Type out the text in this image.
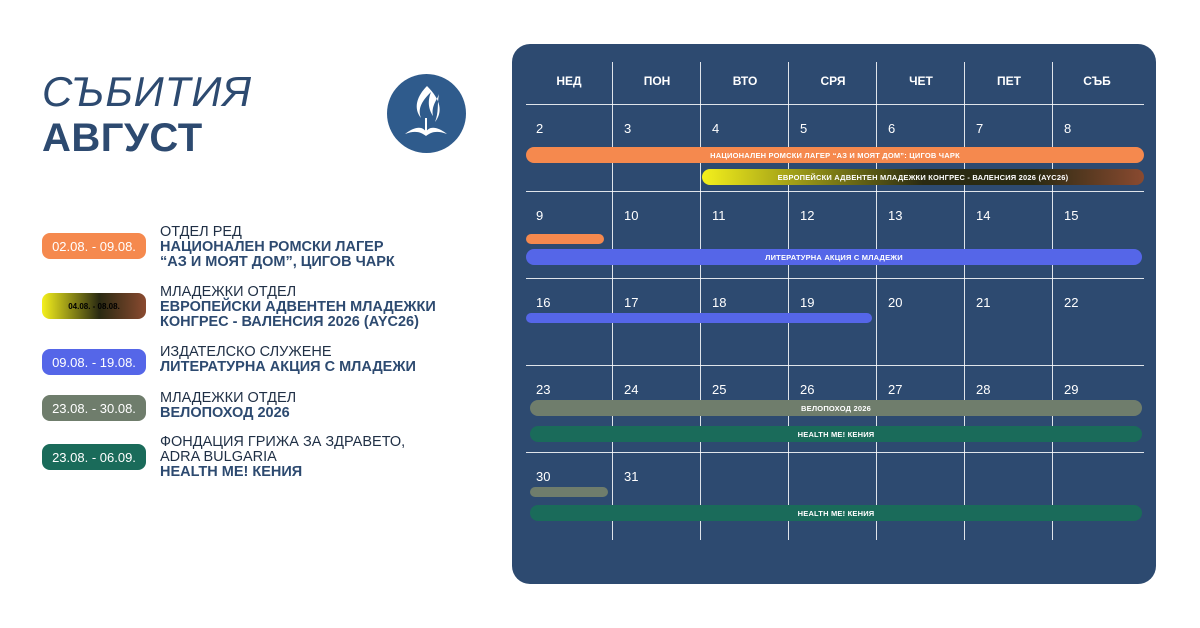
СЪБИТИЯ
АВГУСТ
02.08. - 09.08.
ОТДЕЛ РЕД
НАЦИОНАЛЕН РОМСКИ ЛАГЕР
“АЗ И МОЯТ ДОМ”, ЦИГОВ ЧАРК
04.08. - 08.08.
МЛАДЕЖКИ ОТДЕЛ
ЕВРОПЕЙСКИ АДВЕНТЕН МЛАДЕЖКИ
КОНГРЕС - ВАЛЕНСИЯ 2026 (AYC26)
09.08. - 19.08.
ИЗДАТЕЛСКО СЛУЖЕНЕ
ЛИТЕРАТУРНА АКЦИЯ С МЛАДЕЖИ
23.08. - 30.08.
МЛАДЕЖКИ ОТДЕЛ
ВЕЛОПОХОД 2026
23.08. - 06.09.
ФОНДАЦИЯ ГРИЖА ЗА ЗДРАВЕТО,
ADRA BULGARIA
HEALTH ME! КЕНИЯ
НЕД	ПОН	ВТО	СРЯ	ЧЕТ	ПЕТ	СЪБ
2	3	4	5	6	7	8
9	10	11	12	13	14	15
16	17	18	19	20	21	22
23	24	25	26	27	28	29
30	31
НАЦИОНАЛЕН РОМСКИ ЛАГЕР “АЗ И МОЯТ ДОМ”: ЦИГОВ ЧАРК
ЕВРОПЕЙСКИ АДВЕНТЕН МЛАДЕЖКИ КОНГРЕС - ВАЛЕНСИЯ 2026 (AYC26)
ЛИТЕРАТУРНА АКЦИЯ С МЛАДЕЖИ
ВЕЛОПОХОД 2026
HEALTH ME! КЕНИЯ
HEALTH ME! КЕНИЯ
